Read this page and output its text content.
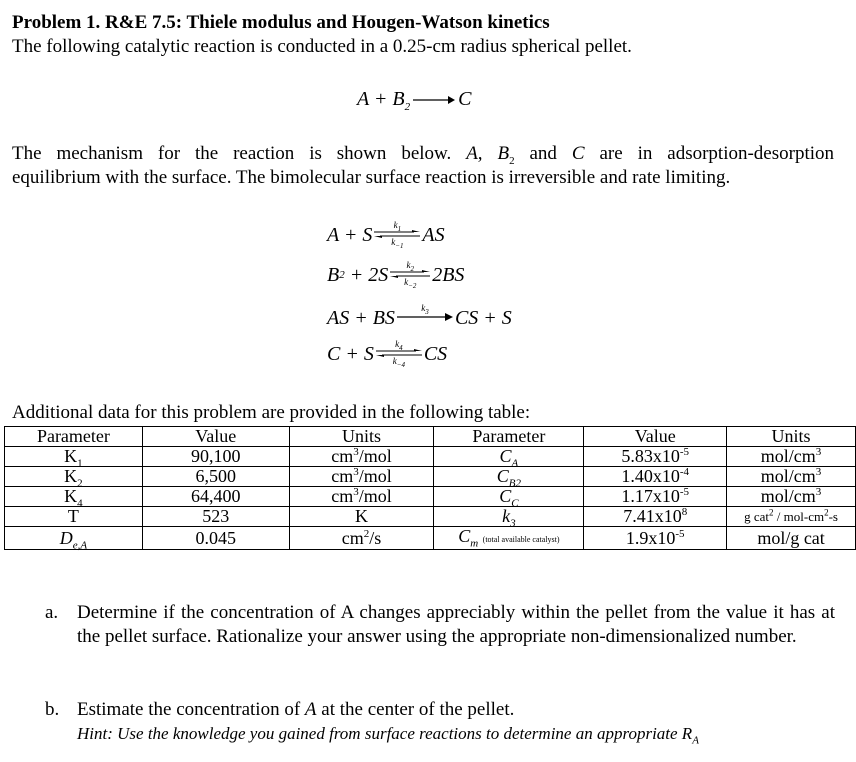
Problem 1. R&E 7.5: Thiele modulus and Hougen-Watson kinetics
The following catalytic reaction is conducted in a 0.25-cm radius spherical pellet.
$A + B_2 \to C$
The mechanism for the reaction is shown below. A, $B_2$ and C are in adsorption-desorption
equilibrium with the surface. The bimolecular surface reaction is irreversible and rate limiting.
A + S $k_1$
$k_{-1}$
AS
B 2 + 2S $k_2$
$k_{-2}$
2BS
AS + BS	$k_3$ CS + S
C + S $k_4$
$k_{-4}$
CS
Additional data for this problem are provided in the following table:
Parameter	Value	Units	Parameter	Value	Units
$K_1$	90,100	$cm^3$/mol	$C_A$	$5.83x10^{-5}$	mol/$cm^3$
$K_2$	6,500	$cm^3$/mol	$C_{B2}$	$1.40x10^{-4}$	mol/$cm^3$
$K_4$	64,400	$cm^3$/mol	$C_C$	$1.17x10^{-5}$	mol/$cm^3$
T	523	K	$k_3$	$7.41x10^8$	g cat$^2$ / mol-$cm^2-s$
$D_{e,A}$	0.045	$cm^2/s$	$C_m$ (total available catalyst)	$1.9x10^{-5}$	mol/g cat
a. Determine if the concentration of A changes appreciably within the pellet from the value it has at the pellet surface. Rationalize your answer using the appropriate non-dimensionalized number.
b. Estimate the concentration of A at the center of the pellet.
Hint: Use the knowledge you gained from surface reactions to determine an appropriate $R_A$
